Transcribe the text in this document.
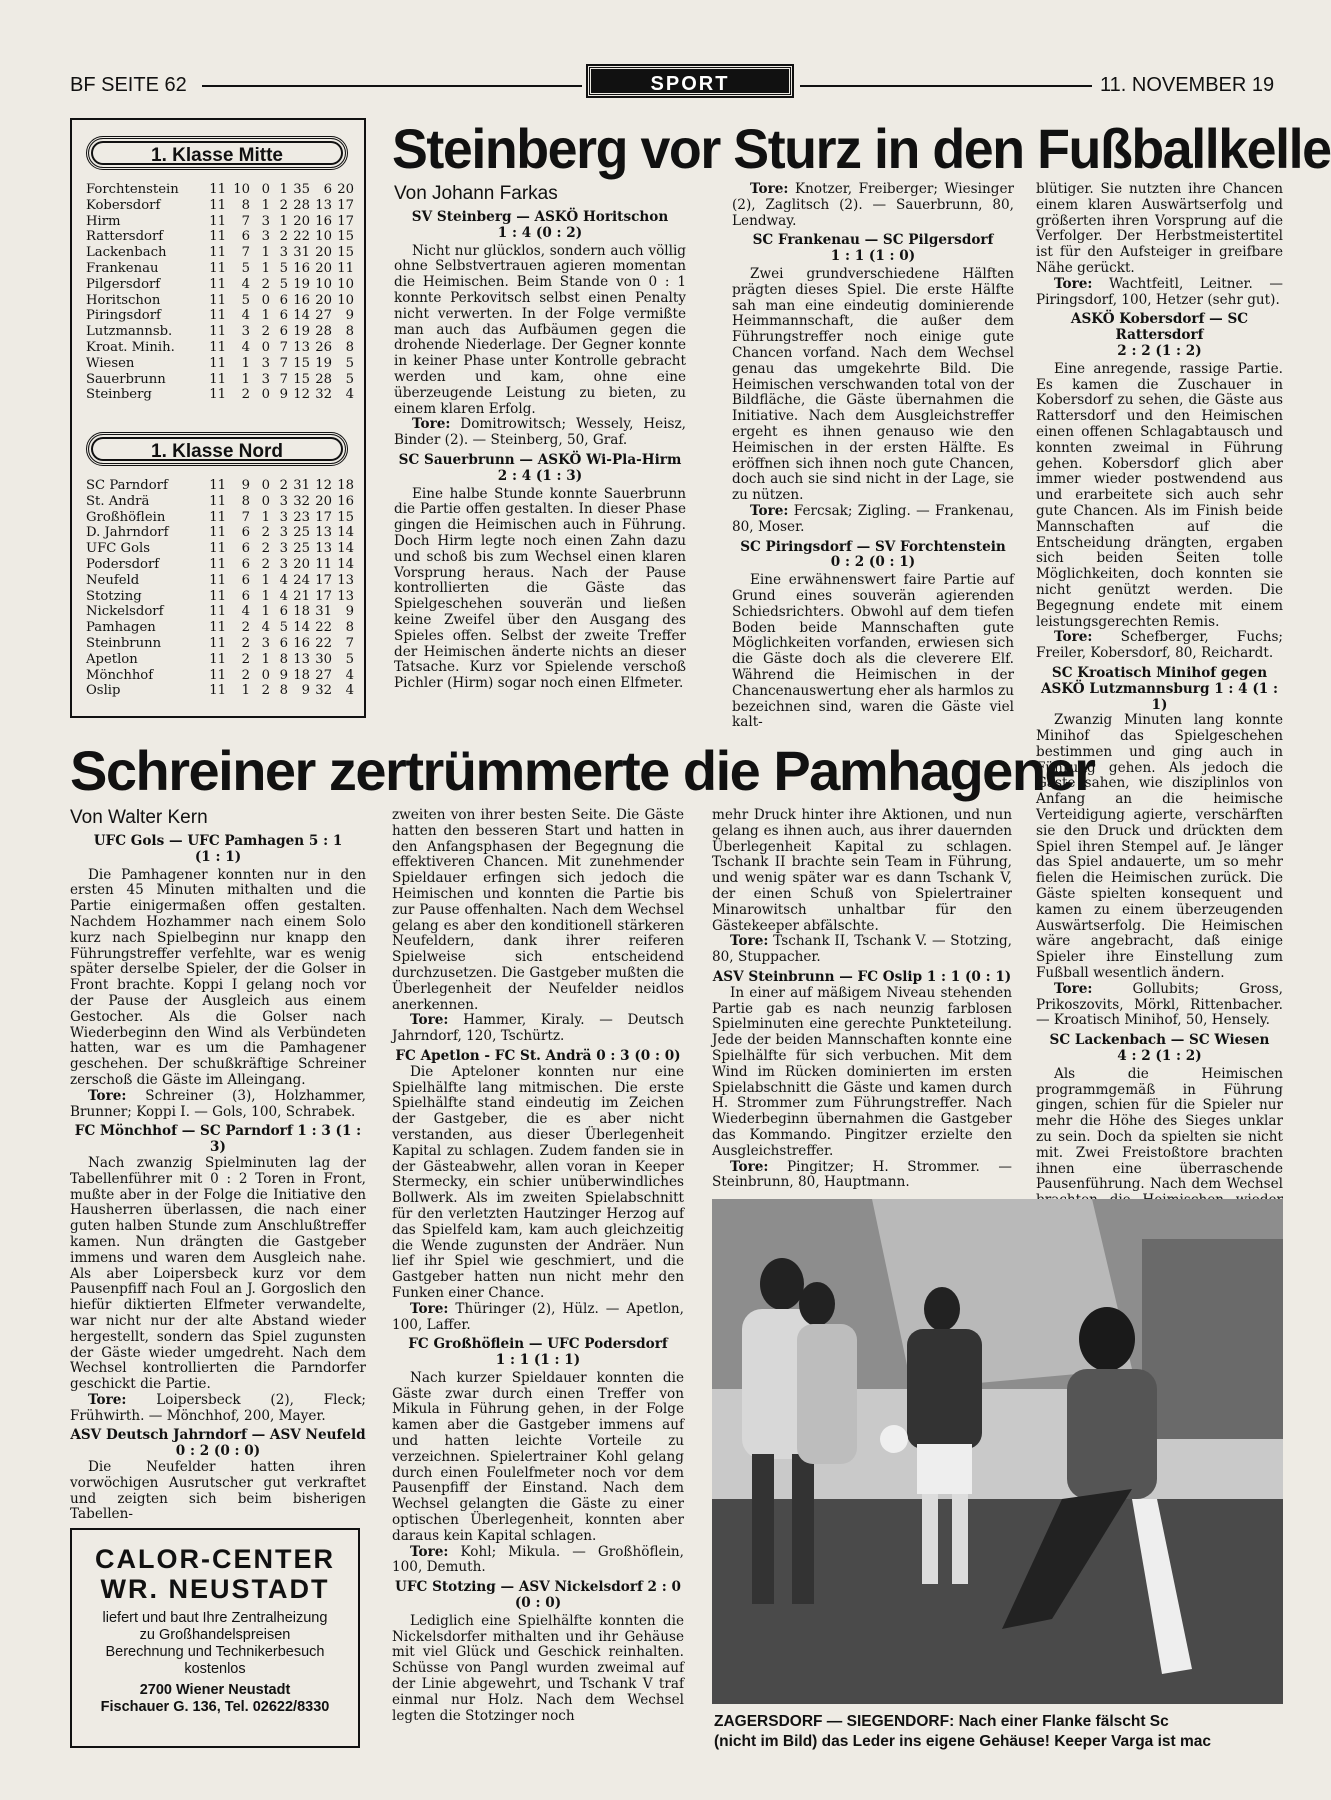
BF SEITE 62	SPORT	11. NOVEMBER 19
1. Klasse Mitte
Forchtenstein	11 10 0 1 35	6 20
Kobersdorf	11	8 1 2 28 13 17
Hirm	11	7 3 1 20 16 17
Rattersdorf	11	6 3 2 22 10 15
Lackenbach	11	7 1 3 31 20 15
Frankenau	11	5 1 5 16 20 11
Pilgersdorf	11	4 2 5 19 10 10
Horitschon	11	5 0 6 16 20 10
Piringsdorf	11	4 1 6 14 27	9
Lutzmannsb.	11	3 2 6 19 28	8
Kroat. Minih.	11	4 0 7 13 26	8
Wiesen	11	1 3 7 15 19	5
Sauerbrunn	11	1 3 7 15 28	5
Steinberg	11	2 0 9 12 32	4
1. Klasse Nord
SC Parndorf	11	9 0 2 31 12 18
St. Andrä	11	8 0 3 32 20 16
Großhöflein	11	7 1 3 23 17 15
D. Jahrndorf	11	6 2 3 25 13 14
UFC Gols	11	6 2 3 25 13 14
Podersdorf	11	6 2 3 20 11 14
Neufeld	11	6 1 4 24 17 13
Stotzing	11	6 1 4 21 17 13
Nickelsdorf	11	4 1 6 18 31	9
Pamhagen	11	2 4 5 14 22	8
Steinbrunn	11	2 3 6 16 22	7
Apetlon	11	2 1 8 13 30	5
Mönchhof	11	2 0 9 18 27	4
Oslip	11	1 2 8	9 32	4
Steinberg vor Sturz in den Fußballkelle

Von Johann Farkas

SV Steinberg — ASKÖ Horitschon

1 : 4 (0 : 2)

Nicht nur glücklos, sondern auch völlig ohne Selbstvertrauen agieren momentan die Heimischen. Beim Stande von 0 : 1 konnte Perkovitsch selbst einen Penalty nicht verwerten. In der Folge vermißte man auch das Aufbäumen gegen die drohende Niederlage. Der Gegner konnte in keiner Phase unter Kontrolle gebracht werden und kam, ohne eine überzeugende Leistung zu bieten, zu einem klaren Erfolg.

Tore: Domitrowitsch; Wessely, Heisz, Binder (2). — Steinberg, 50, Graf.

SC Sauerbrunn — ASKÖ Wi-Pla-Hirm

2 : 4 (1 : 3)

Eine halbe Stunde konnte Sauerbrunn die Partie offen gestalten. In dieser Phase gingen die Heimischen auch in Führung. Doch Hirm legte noch einen Zahn dazu und schoß bis zum Wechsel einen klaren Vorsprung heraus. Nach der Pause kontrollierten die Gäste das Spielgeschehen souverän und ließen keine Zweifel über den Ausgang des Spieles offen. Selbst der zweite Treffer der Heimischen änderte nichts an dieser Tatsache. Kurz vor Spielende verschoß Pichler (Hirm) sogar noch einen Elfmeter.

Tore: Knotzer, Freiberger; Wiesinger (2), Zaglitsch (2). — Sauerbrunn, 80, Lendway.

SC Frankenau — SC Pilgersdorf

1 : 1 (1 : 0)

Zwei grundverschiedene Hälften prägten dieses Spiel. Die erste Hälfte sah man eine eindeutig dominierende Heimmannschaft, die außer dem Führungstreffer noch einige gute Chancen vorfand. Nach dem Wechsel genau das umgekehrte Bild. Die Heimischen verschwanden total von der Bildfläche, die Gäste übernahmen die Initiative. Nach dem Ausgleichstreffer ergeht es ihnen genauso wie den Heimischen in der ersten Hälfte. Es eröffnen sich ihnen noch gute Chancen, doch auch sie sind nicht in der Lage, sie zu nützen.

Tore: Fercsak; Zigling. — Frankenau, 80, Moser.

SC Piringsdorf — SV Forchtenstein

0 : 2 (0 : 1)

Eine erwähnenswert faire Partie auf Grund eines souverän agierenden Schiedsrichters. Obwohl auf dem tiefen Boden beide Mannschaften gute Möglichkeiten vorfanden, erwiesen sich die Gäste doch als die cleverere Elf. Während die Heimischen in der Chancenauswertung eher als harmlos zu bezeichnen sind, waren die Gäste viel kalt-

blütiger. Sie nutzten ihre Chancen einem klaren Auswärtserfolg und größerten ihren Vorsprung auf die Verfolger. Der Herbstmeistertitel ist für den Aufsteiger in greifbare Nähe gerückt.

Tore: Wachtfeitl, Leitner. — Piringsdorf, 100, Hetzer (sehr gut).

ASKÖ Kobersdorf — SC Rattersdorf

2 : 2 (1 : 2)

Eine anregende, rassige Partie. Es kamen die Zuschauer in Kobersdorf zu sehen, die Gäste aus Rattersdorf und den Heimischen einen offenen Schlagabtausch und konnten zweimal in Führung gehen. Kobersdorf glich aber immer wieder postwendend aus und erarbeitete sich auch sehr gute Chancen. Als im Finish beide Mannschaften auf die Entscheidung drängten, ergaben sich beiden Seiten tolle Möglichkeiten, doch konnten sie nicht genützt werden. Die Begegnung endete mit einem leistungsgerechten Remis.

Tore: Schefberger, Fuchs; Freiler, Kobersdorf, 80, Reichardt.

SC Kroatisch Minihof gegen ASKÖ Lutzmannsburg 1 : 4 (1 : 1)

Zwanzig Minuten lang konnte Minihof das Spielgeschehen bestimmen und ging auch in Führung gehen. Als jedoch die Gäste sahen, wie disziplinlos von Anfang an die heimische Verteidigung agierte, verschärften sie den Druck und drückten dem Spiel ihren Stempel auf. Je länger das Spiel andauerte, um so mehr fielen die Heimischen zurück. Die Gäste spielten konsequent und kamen zu einem überzeugenden Auswärtserfolg. Die Heimischen wäre angebracht, daß einige Spieler ihre Einstellung zum Fußball wesentlich ändern.

Tore: Gollubits; Gross, Prikoszovits, Mörkl, Rittenbacher. — Kroatisch Minihof, 50, Hensely.

SC Lackenbach — SC Wiesen

4 : 2 (1 : 2)

Als die Heimischen programmgemäß in Führung gingen, schien für die Spieler nur mehr die Höhe des Sieges unklar zu sein. Doch da spielten sie nicht mit. Zwei Freistoßtore brachten ihnen eine überraschende Pausenführung. Nach dem Wechsel

Schreiner zertrümmerte die Pamhagener

Von Walter Kern

UFC Gols — UFC Pamhagen 5 : 1

(1 : 1)

Die Pamhagener konnten nur in den ersten 45 Minuten mithalten und die Partie einigermaßen offen gestalten. Nachdem Hozhammer nach einem Solo kurz nach Spielbeginn nur knapp den Führungstreffer verfehlte, war es wenig später derselbe Spieler, der die Golser in Front brachte. Koppi I gelang noch vor der Pause der Ausgleich aus einem Gestocher. Als die Golser nach Wiederbeginn den Wind als Verbündeten hatten, war es um die Pamhagener geschehen. Der schußkräftige Schreiner zerschoß die Gäste im Alleingang.

Tore: Schreiner (3), Holzhammer, Brunner; Koppi I. — Gols, 100, Schrabek.

FC Mönchhof — SC Parndorf 1 : 3 (1 : 3)

Nach zwanzig Spielminuten lag der Tabellenführer mit 0 : 2 Toren in Front, mußte aber in der Folge die Initiative den Hausherren überlassen, die nach einer guten halben Stunde zum Anschlußtreffer kamen. Nun drängten die Gastgeber immens und waren dem Ausgleich nahe. Als aber Loipersbeck kurz vor dem Pausenpfiff nach Foul an J. Gorgoslich den hiefür diktierten Elfmeter verwandelte, war nicht nur der alte Abstand wieder hergestellt, sondern das Spiel zugunsten der Gäste wieder umgedreht. Nach dem Wechsel kontrollierten die Parndorfer geschickt die Partie.

Tore: Loipersbeck (2), Fleck; Frühwirth. — Mönchhof, 200, Mayer.

ASV Deutsch Jahrndorf — ASV Neufeld 0 : 2 (0 : 0)

Die Neufelder hatten ihren vorwöchigen Ausrutscher gut verkraftet und zeigten sich beim bisherigen Tabellen-

zweiten von ihrer besten Seite. Die Gäste hatten den besseren Start und hatten in den Anfangsphasen der Begegnung die effektiveren Chancen. Mit zunehmender Spieldauer erfingen sich jedoch die Heimischen und konnten die Partie bis zur Pause offenhalten. Nach dem Wechsel gelang es aber den konditionell stärkeren Neufeldern, dank ihrer reiferen Spielweise sich entscheidend durchzusetzen. Die Gastgeber mußten die Überlegenheit der Neufelder neidlos anerkennen.

Tore: Hammer, Kiraly. — Deutsch Jahrndorf, 120, Tschürtz.

FC Apetlon - FC St. Andrä 0 : 3 (0 : 0)

Die Apteloner konnten nur eine Spielhälfte lang mitmischen. Die erste Spielhälfte stand eindeutig im Zeichen der Gastgeber, die es aber nicht verstanden, aus dieser Überlegenheit Kapital zu schlagen. Zudem fanden sie in der Gästeabwehr, allen voran in Keeper Stermecky, ein schier unüberwindliches Bollwerk. Als im zweiten Spielabschnitt für den verletzten Hautzinger Herzog auf das Spielfeld kam, kam auch gleichzeitig die Wende zugunsten der Andräer. Nun lief ihr Spiel wie geschmiert, und die Gastgeber hatten nun nicht mehr den Funken einer Chance.

Tore: Thüringer (2), Hülz. — Apetlon, 100, Laffer.

FC Großhöflein — UFC Podersdorf

1 : 1 (1 : 1)

Nach kurzer Spieldauer konnten die Gäste zwar durch einen Treffer von Mikula in Führung gehen, in der Folge kamen aber die Gastgeber immens auf und hatten leichte Vorteile zu verzeichnen. Spielertrainer Kohl gelang durch einen Foulelfmeter noch vor dem Pausenpfiff der Einstand. Nach dem Wechsel gelangten die Gäste zu einer optischen Überlegenheit, konnten aber daraus kein Kapital schlagen.

Tore: Kohl; Mikula. — Großhöflein, 100, Demuth.

UFC Stotzing — ASV Nickelsdorf 2 : 0

(0 : 0)

Lediglich eine Spielhälfte konnten die Nickelsdorfer mithalten und ihr Gehäuse mit viel Glück und Geschick reinhalten. Schüsse von Pangl wurden zweimal auf der Linie abgewehrt, und Tschank V traf einmal nur Holz. Nach dem Wechsel legten die Stotzinger noch

mehr Druck hinter ihre Aktionen, und nun gelang es ihnen auch, aus ihrer dauernden Überlegenheit Kapital zu schlagen. Tschank II brachte sein Team in Führung, und wenig später war es dann Tschank V, der einen Schuß von Spielertrainer Minarowitsch unhaltbar für den Gästekeeper abfälschte.

Tore: Tschank II, Tschank V. — Stotzing, 80, Stuppacher.

ASV Steinbrunn — FC Oslip 1 : 1 (0 : 1)

In einer auf mäßigem Niveau stehenden Partie gab es nach neunzig farblosen Spielminuten eine gerechte Punkteteilung. Jede der beiden Mannschaften konnte eine Spielhälfte für sich verbuchen. Mit dem Wind im Rücken dominierten im ersten Spielabschnitt die Gäste und kamen durch H. Strommer zum Führungstreffer. Nach Wiederbeginn übernahmen die Gastgeber das Kommando. Pingitzer erzielte den Ausgleichstreffer.

Tore: Pingitzer; H. Strommer. — Steinbrunn, 80, Hauptmann.

CALOR-CENTER
WR. NEUSTADT
liefert und baut Ihre Zentralheizung
zu Großhandelspreisen
Berechnung und Technikerbesuch
kostenlos
2700 Wiener Neustadt
Fischauer G. 136, Tel. 02622/8330
ZAGERSDORF — SIEGENDORF: Nach einer Flanke fälscht Sc
(nicht im Bild) das Leder ins eigene Gehäuse! Keeper Varga ist mac
